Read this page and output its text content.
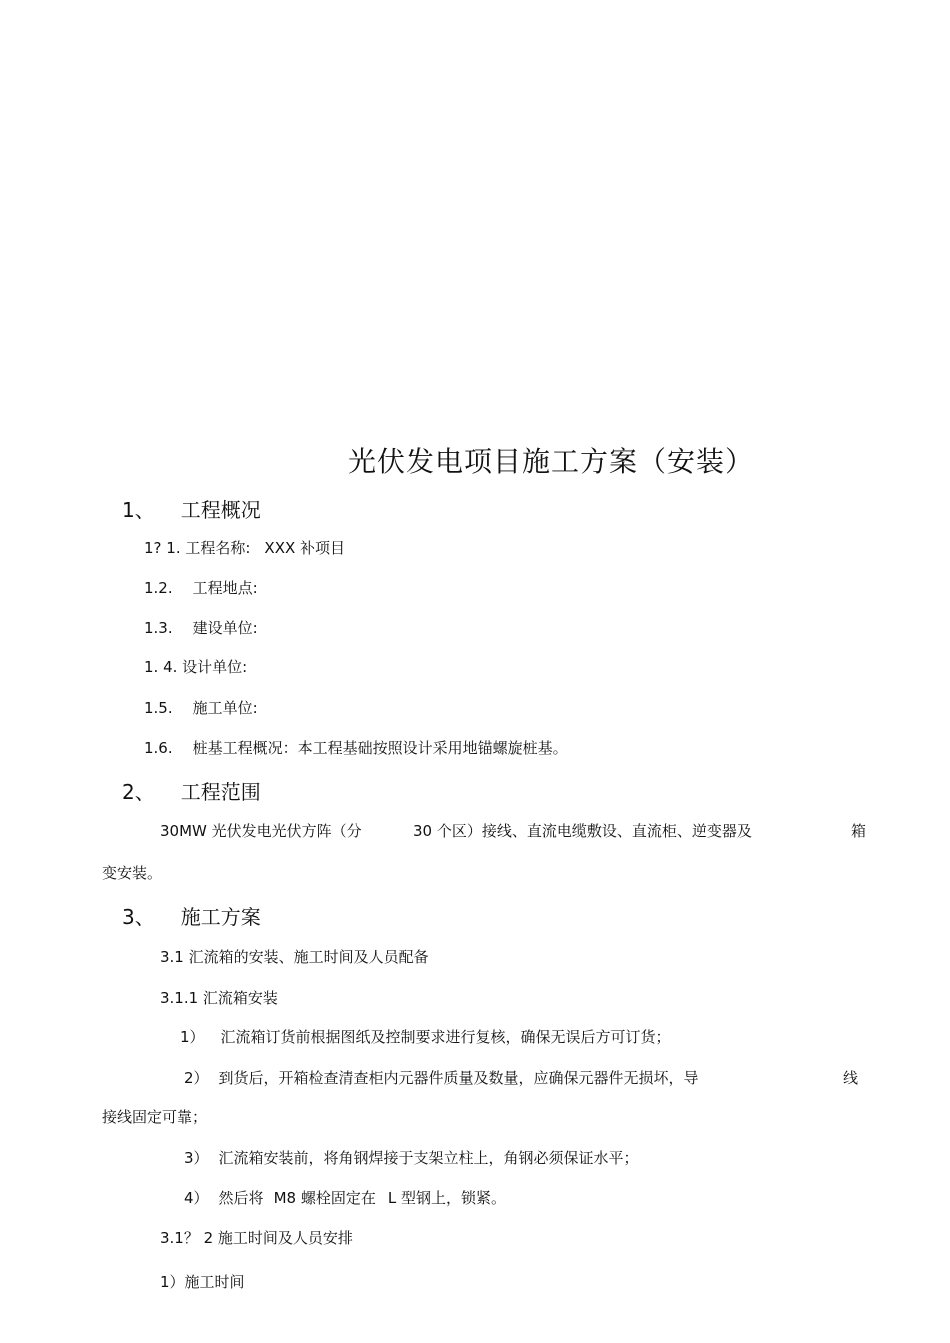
光伏发电项目施工方案（安装）
1、 工程概况
1? 1. 工程名称: XXX 补项目
1.2. 工程地点:
1.3. 建设单位:
1. 4. 设计单位:
1.5. 施工单位:
1.6. 桩基工程概况：本工程基础按照设计采用地锚螺旋桩基。
2、 工程范围
30MW 光伏发电光伏方阵（分	30 个区）接线、直流电缆敷设、直流柜、逆变器及	箱
变安装。
3、 施工方案
3.1 汇流箱的安装、施工时间及人员配备
3.1.1 汇流箱安装
1） 汇流箱订货前根据图纸及控制要求进行复核，确保无误后方可订货；
2） 到货后，开箱检查清查柜内元器件质量及数量，应确保元器件无损坏，导	线
接线固定可靠；
3） 汇流箱安装前，将角钢焊接于支架立柱上，角钢必须保证水平；
4） 然后将 M8 螺栓固定在 L 型钢上，锁紧。
3.1？ 2 施工时间及人员安排
1）施工时间
